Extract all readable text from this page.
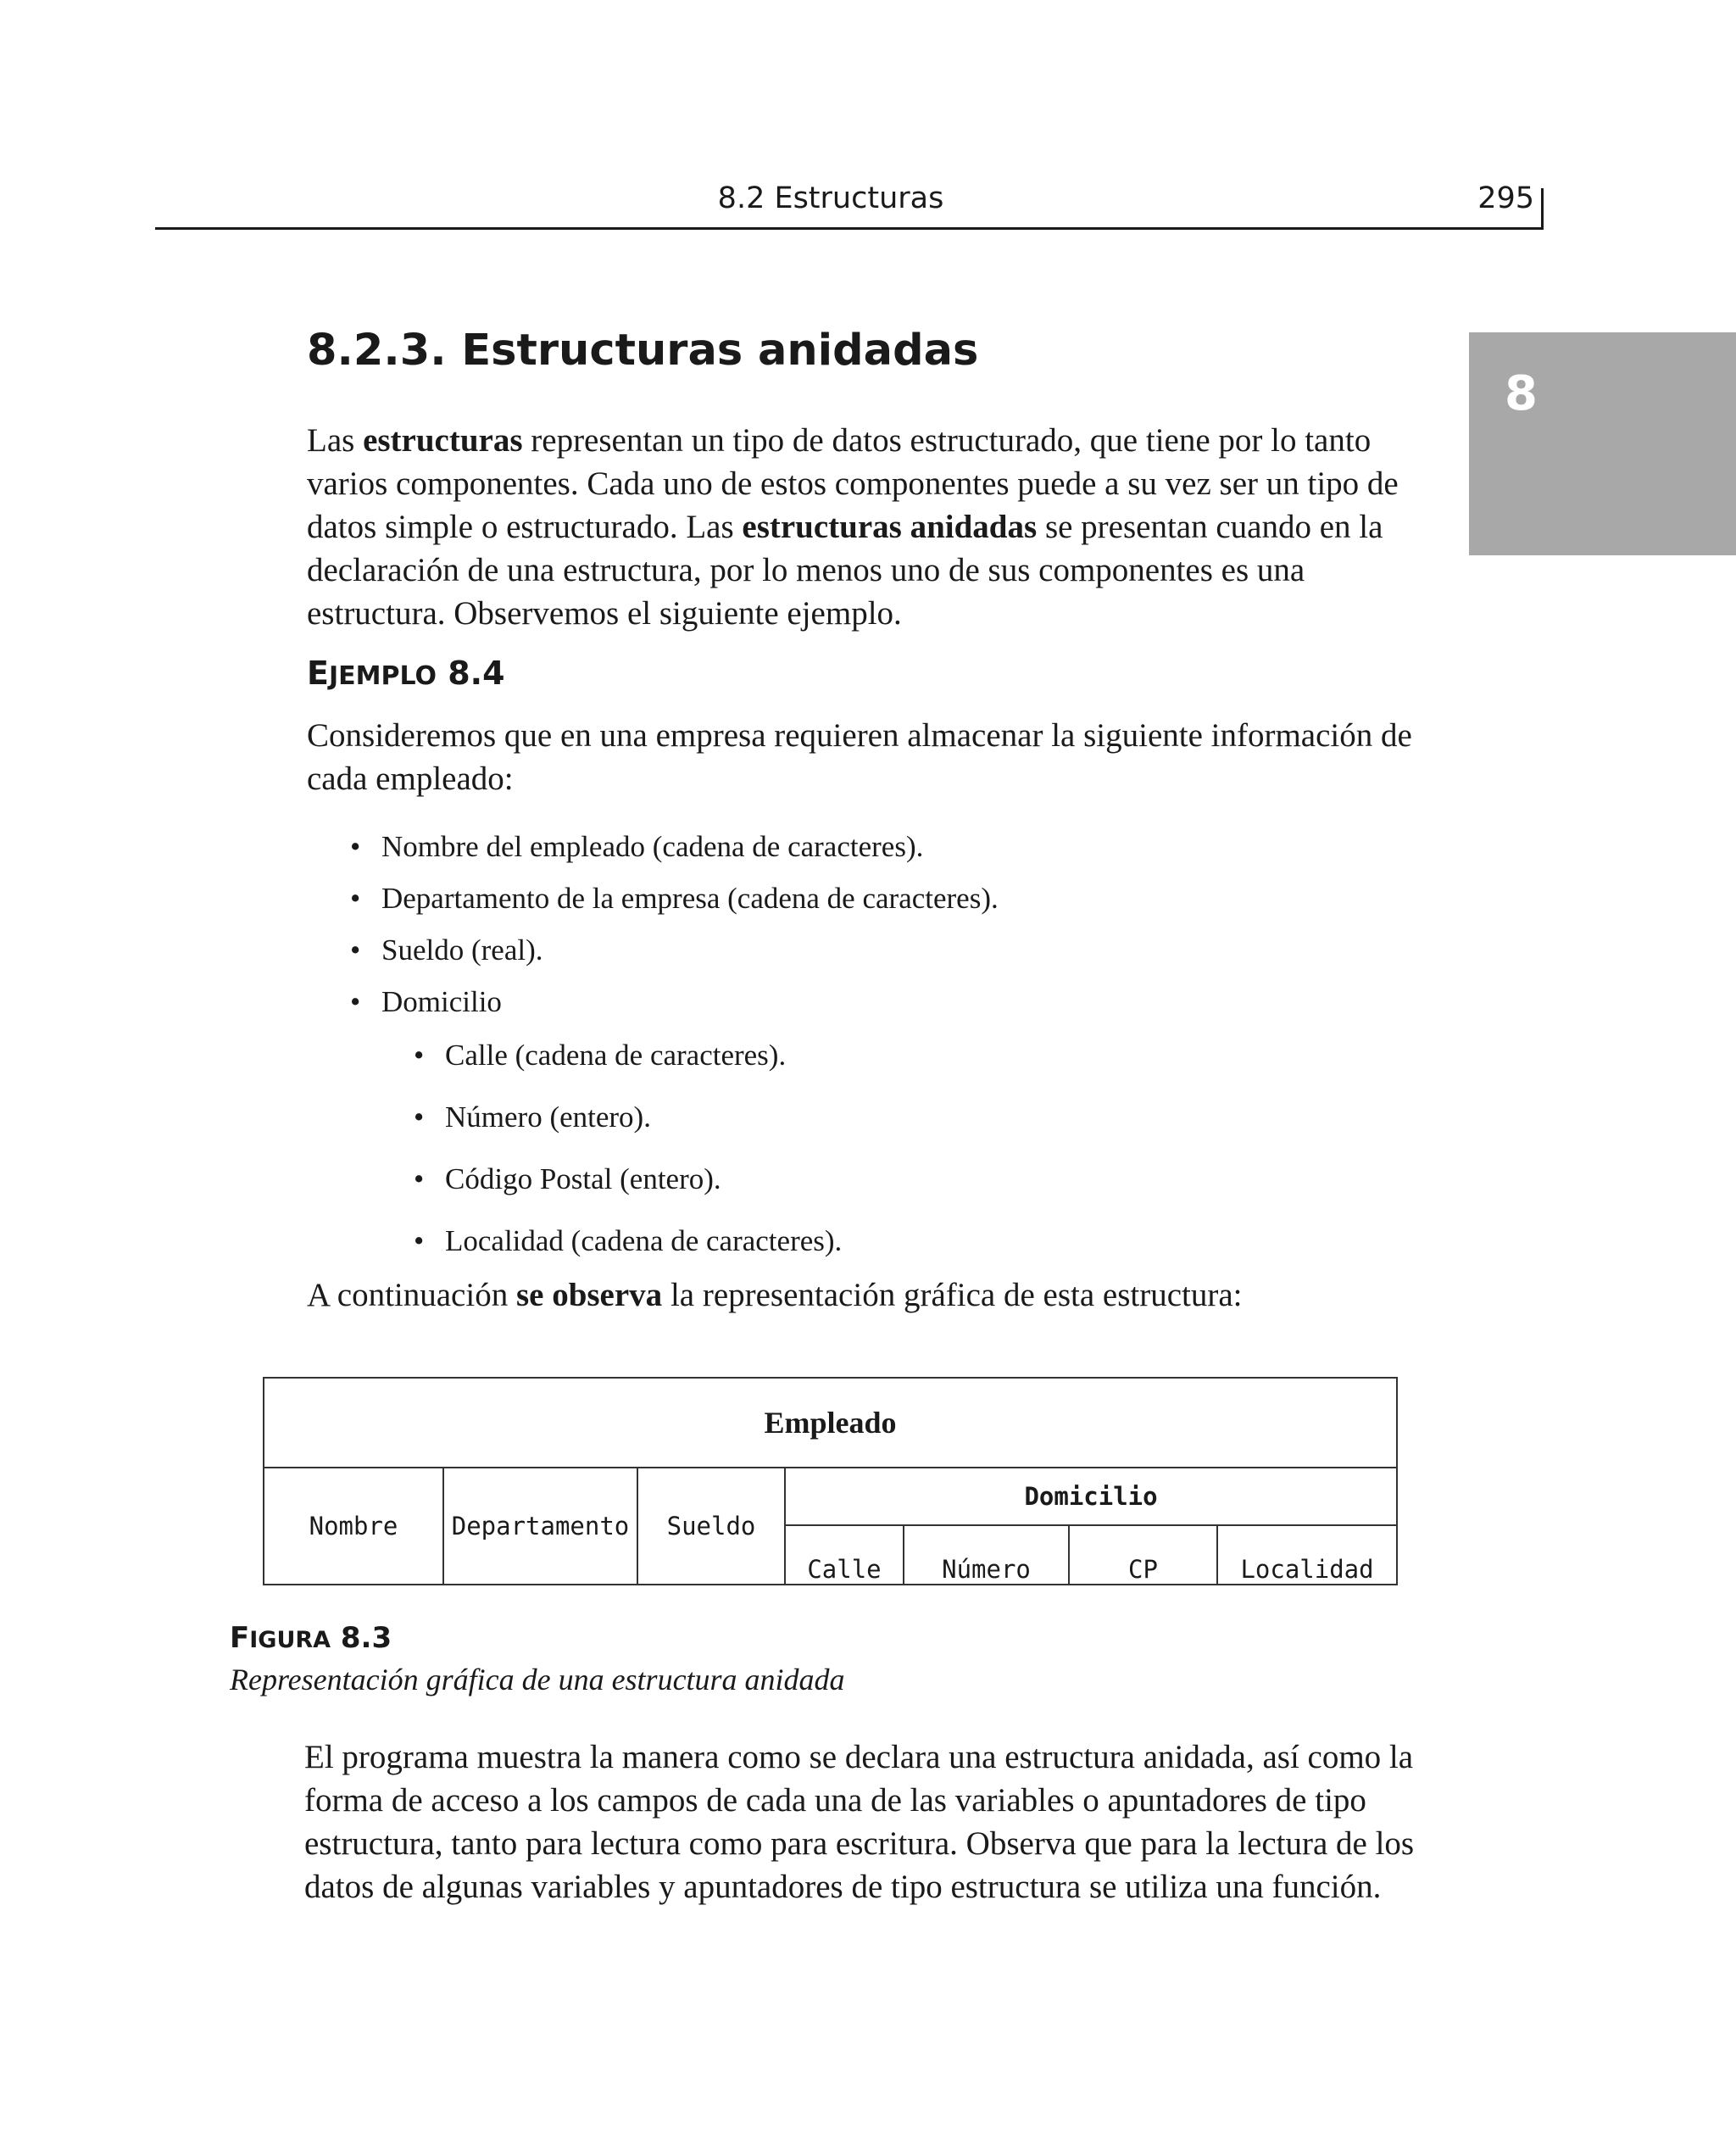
8.2 Estructuras	295
8
8.2.3. Estructuras anidadas
Las estructuras representan un tipo de datos estructurado, que tiene por lo tanto varios componentes. Cada uno de estos componentes puede a su vez ser un tipo de datos simple o estructurado. Las estructuras anidadas se presentan cuando en la declaración de una estructura, por lo menos uno de sus componentes es una estructura. Observemos el siguiente ejemplo.
EJEMPLO 8.4
Consideremos que en una empresa requieren almacenar la siguiente información de cada empleado:
• Nombre del empleado (cadena de caracteres).
• Departamento de la empresa (cadena de caracteres).
• Sueldo (real).
• Domicilio
• Calle (cadena de caracteres).
• Número (entero).
• Código Postal (entero).
• Localidad (cadena de caracteres).
A continuación se observa la representación gráfica de esta estructura:
Empleado						
Nombre	Departamento	Sueldo	Domicilio			
			Calle	Número	CP	Localidad
FIGURA 8.3
Representación gráfica de una estructura anidada
El programa muestra la manera como se declara una estructura anidada, así como la forma de acceso a los campos de cada una de las variables o apuntadores de tipo estructura, tanto para lectura como para escritura. Observa que para la lectura de los datos de algunas variables y apuntadores de tipo estructura se utiliza una función.
